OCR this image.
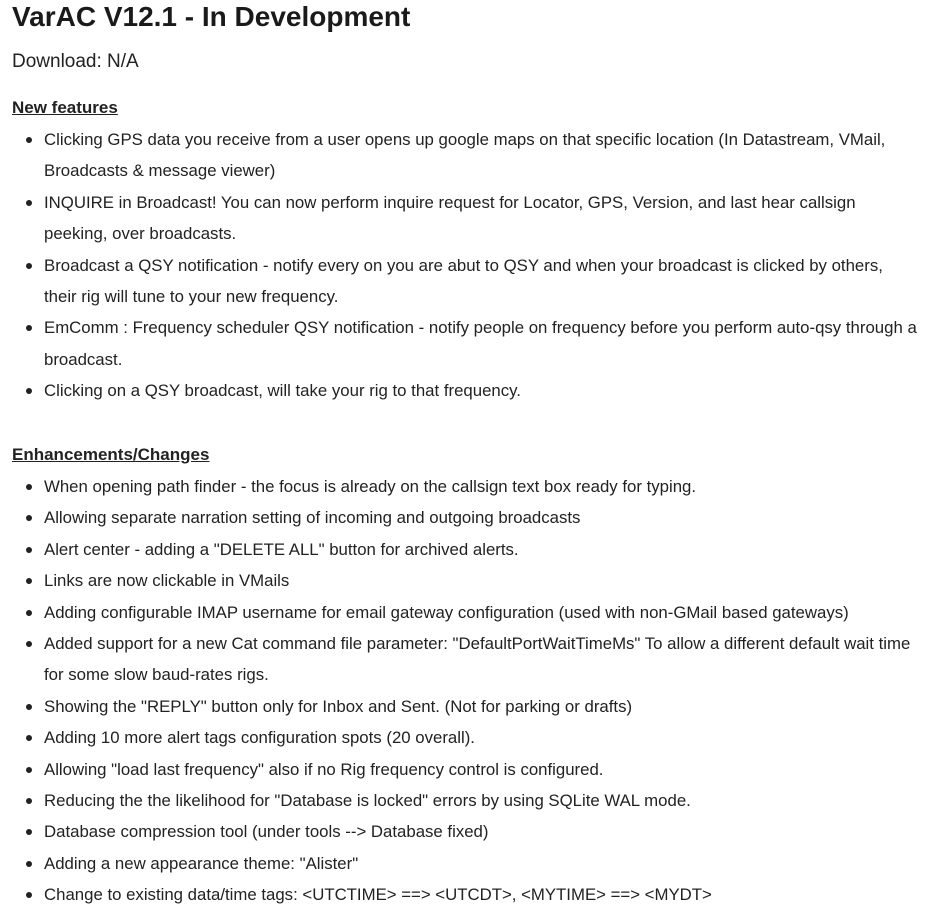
VarAC V12.1 - In Development

Download: N/A

New features
Clicking GPS data you receive from a user opens up google maps on that specific location (In Datastream, VMail, Broadcasts & message viewer)
INQUIRE in Broadcast! You can now perform inquire request for Locator, GPS, Version, and last hear callsign peeking, over broadcasts.
Broadcast a QSY notification - notify every on you are abut to QSY and when your broadcast is clicked by others, their rig will tune to your new frequency.
EmComm : Frequency scheduler QSY notification - notify people on frequency before you perform auto-qsy through a broadcast.
Clicking on a QSY broadcast, will take your rig to that frequency.
Enhancements/Changes
When opening path finder - the focus is already on the callsign text box ready for typing.
Allowing separate narration setting of incoming and outgoing broadcasts
Alert center - adding a "DELETE ALL" button for archived alerts.
Links are now clickable in VMails
Adding configurable IMAP username for email gateway configuration (used with non-GMail based gateways)
Added support for a new Cat command file parameter: "DefaultPortWaitTimeMs" To allow a different default wait time for some slow baud-rates rigs.
Showing the "REPLY" button only for Inbox and Sent. (Not for parking or drafts)
Adding 10 more alert tags configuration spots (20 overall).
Allowing "load last frequency" also if no Rig frequency control is configured.
Reducing the the likelihood for "Database is locked" errors by using SQLite WAL mode.
Database compression tool (under tools --> Database fixed)
Adding a new appearance theme: "Alister"
Change to existing data/time tags: <UTCTIME> ==> <UTCDT>, <MYTIME> ==> <MYDT>
